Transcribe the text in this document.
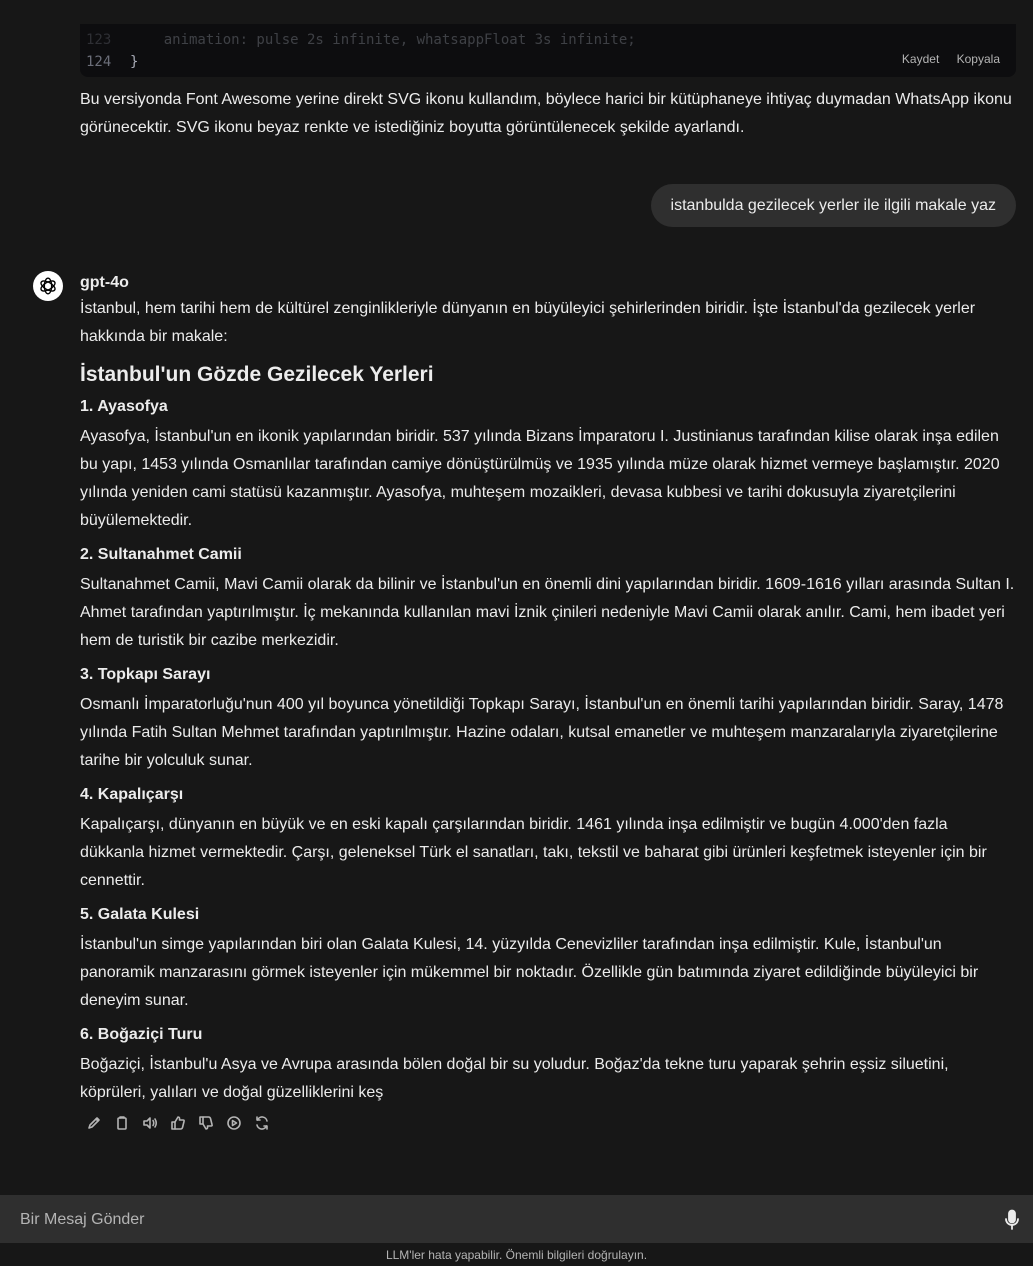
123    animation: pulse 2s infinite, whatsappFloat 3s infinite;
124 }	Kaydet Kopyala

Bu versiyonda Font Awesome yerine direkt SVG ikonu kullandım, böylece harici bir kütüphaneye ihtiyaç duymadan WhatsApp ikonu görünecektir. SVG ikonu beyaz renkte ve istediğiniz boyutta görüntülenecek şekilde ayarlandı.

istanbulda gezilecek yerler ile ilgili makale yaz
gpt-4o

İstanbul, hem tarihi hem de kültürel zenginlikleriyle dünyanın en büyüleyici şehirlerinden biridir. İşte İstanbul'da gezilecek yerler hakkında bir makale:

İstanbul'un Gözde Gezilecek Yerleri
1. Ayasofya

Ayasofya, İstanbul'un en ikonik yapılarından biridir. 537 yılında Bizans İmparatoru I. Justinianus tarafından kilise olarak inşa edilen bu yapı, 1453 yılında Osmanlılar tarafından camiye dönüştürülmüş ve 1935 yılında müze olarak hizmet vermeye başlamıştır. 2020 yılında yeniden cami statüsü kazanmıştır. Ayasofya, muhteşem mozaikleri, devasa kubbesi ve tarihi dokusuyla ziyaretçilerini büyülemektedir.

2. Sultanahmet Camii

Sultanahmet Camii, Mavi Camii olarak da bilinir ve İstanbul'un en önemli dini yapılarından biridir. 1609-1616 yılları arasında Sultan I. Ahmet tarafından yaptırılmıştır. İç mekanında kullanılan mavi İznik çinileri nedeniyle Mavi Camii olarak anılır. Cami, hem ibadet yeri hem de turistik bir cazibe merkezidir.

3. Topkapı Sarayı

Osmanlı İmparatorluğu'nun 400 yıl boyunca yönetildiği Topkapı Sarayı, İstanbul'un en önemli tarihi yapılarından biridir. Saray, 1478 yılında Fatih Sultan Mehmet tarafından yaptırılmıştır. Hazine odaları, kutsal emanetler ve muhteşem manzaralarıyla ziyaretçilerine tarihe bir yolculuk sunar.

4. Kapalıçarşı

Kapalıçarşı, dünyanın en büyük ve en eski kapalı çarşılarından biridir. 1461 yılında inşa edilmiştir ve bugün 4.000'den fazla dükkanla hizmet vermektedir. Çarşı, geleneksel Türk el sanatları, takı, tekstil ve baharat gibi ürünleri keşfetmek isteyenler için bir cennettir.

5. Galata Kulesi

İstanbul'un simge yapılarından biri olan Galata Kulesi, 14. yüzyılda Cenevizliler tarafından inşa edilmiştir. Kule, İstanbul'un panoramik manzarasını görmek isteyenler için mükemmel bir noktadır. Özellikle gün batımında ziyaret edildiğinde büyüleyici bir deneyim sunar.

6. Boğaziçi Turu

Boğaziçi, İstanbul'u Asya ve Avrupa arasında bölen doğal bir su yoludur. Boğaz'da tekne turu yaparak şehrin eşsiz siluetini, köprüleri, yalıları ve doğal güzelliklerini keş

Bir Mesaj Gönder
LLM'ler hata yapabilir. Önemli bilgileri doğrulayın.
